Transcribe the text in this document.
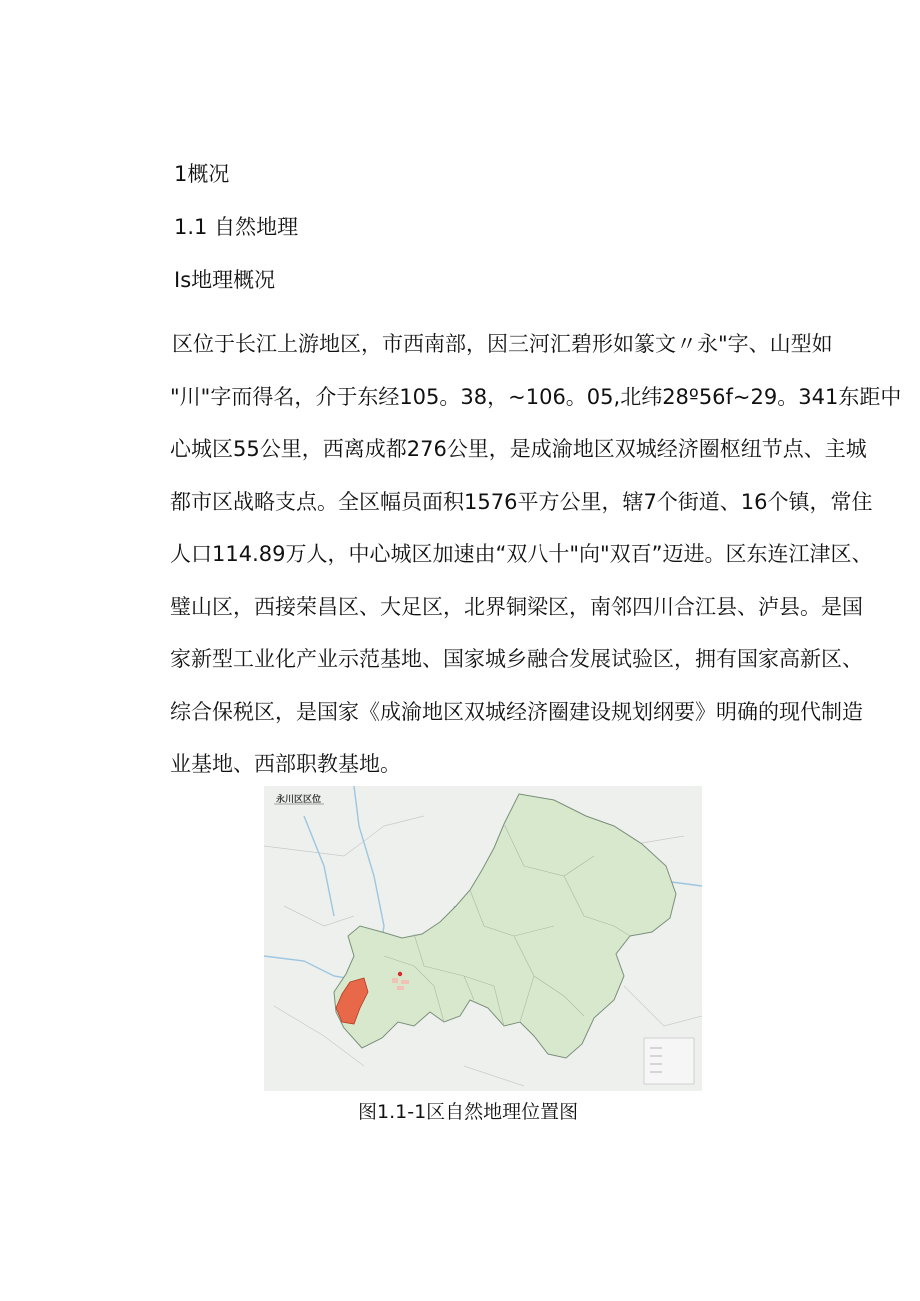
1概况
1.1 自然地理
Is地理概况
区位于长江上游地区，市西南部，因三河汇碧形如篆文〃永"字、山型如
"川"字而得名，介于东经105。38，~106。05,北纬28º56f~29。341东距中
心城区55公里，西离成都276公里，是成渝地区双城经济圈枢纽节点、主城
都市区战略支点。全区幅员面积1576平方公里，辖7个街道、16个镇，常住
人口114.89万人，中心城区加速由“双八十"向"双百”迈进。区东连江津区、
璧山区，西接荣昌区、大足区，北界铜梁区，南邻四川合江县、泸县。是国
家新型工业化产业示范基地、国家城乡融合发展试验区，拥有国家高新区、
综合保税区，是国家《成渝地区双城经济圈建设规划纲要》明确的现代制造
业基地、西部职教基地。
永川区区位
图1.1-1区自然地理位置图
